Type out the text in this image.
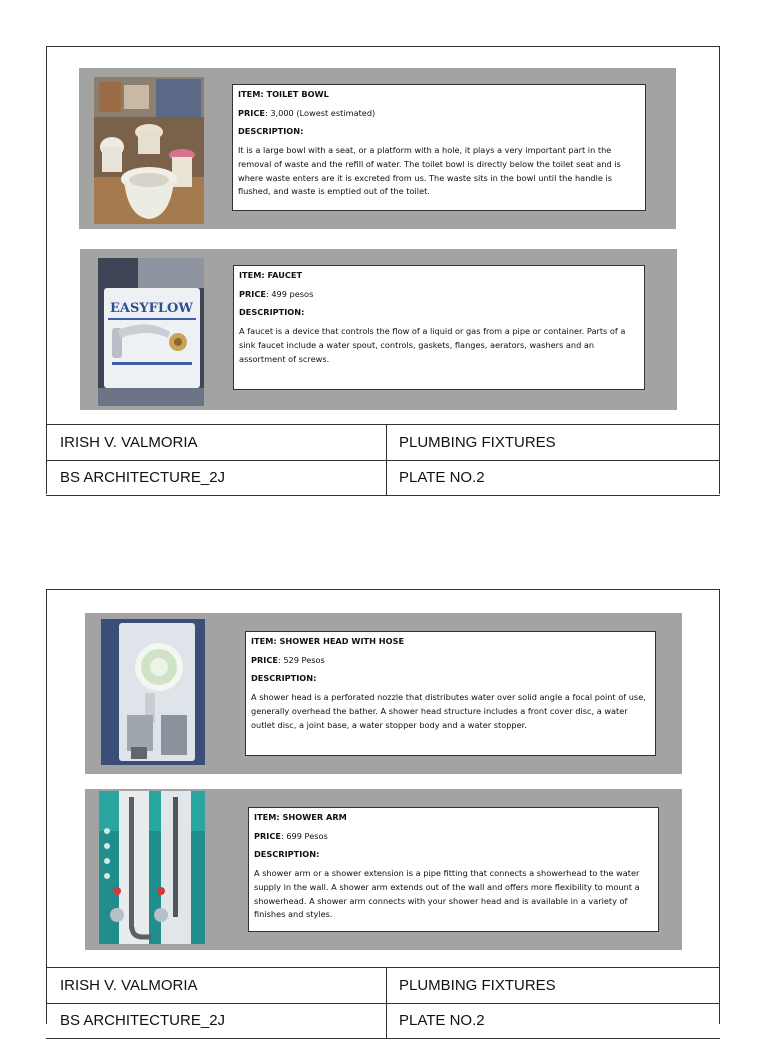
ITEM: TOILET BOWL
PRICE: 3,000 (Lowest estimated)
DESCRIPTION:

It is a large bowl with a seat, or a platform with a hole, it plays a very important part in the removal of waste and the refill of water. The toilet bowl is directly below the toilet seat and is where waste enters are it is excreted from us. The waste sits in the bowl until the handle is flushed, and waste is emptied out of the toilet.

EASYFLOW
ITEM: FAUCET
PRICE: 499 pesos
DESCRIPTION:

A faucet is a device that controls the flow of a liquid or gas from a pipe or container. Parts of a sink faucet include a water spout, controls, gaskets, flanges, aerators, washers and an assortment of screws.

IRISH V. VALMORIA	PLUMBING FIXTURES
BS ARCHITECTURE_2J	PLATE NO.2
ITEM: SHOWER HEAD WITH HOSE
PRICE: 529 Pesos
DESCRIPTION:

A shower head is a perforated nozzle that distributes water over solid angle a focal point of use, generally overhead the bather. A shower head structure includes a front cover disc, a water outlet disc, a joint base, a water stopper body and a water stopper.

ITEM: SHOWER ARM
PRICE: 699 Pesos
DESCRIPTION:

A shower arm or a shower extension is a pipe fitting that connects a showerhead to the water supply in the wall. A shower arm extends out of the wall and offers more flexibility to mount a showerhead. A shower arm connects with your shower head and is available in a variety of finishes and styles.

IRISH V. VALMORIA	PLUMBING FIXTURES
BS ARCHITECTURE_2J	PLATE NO.2
